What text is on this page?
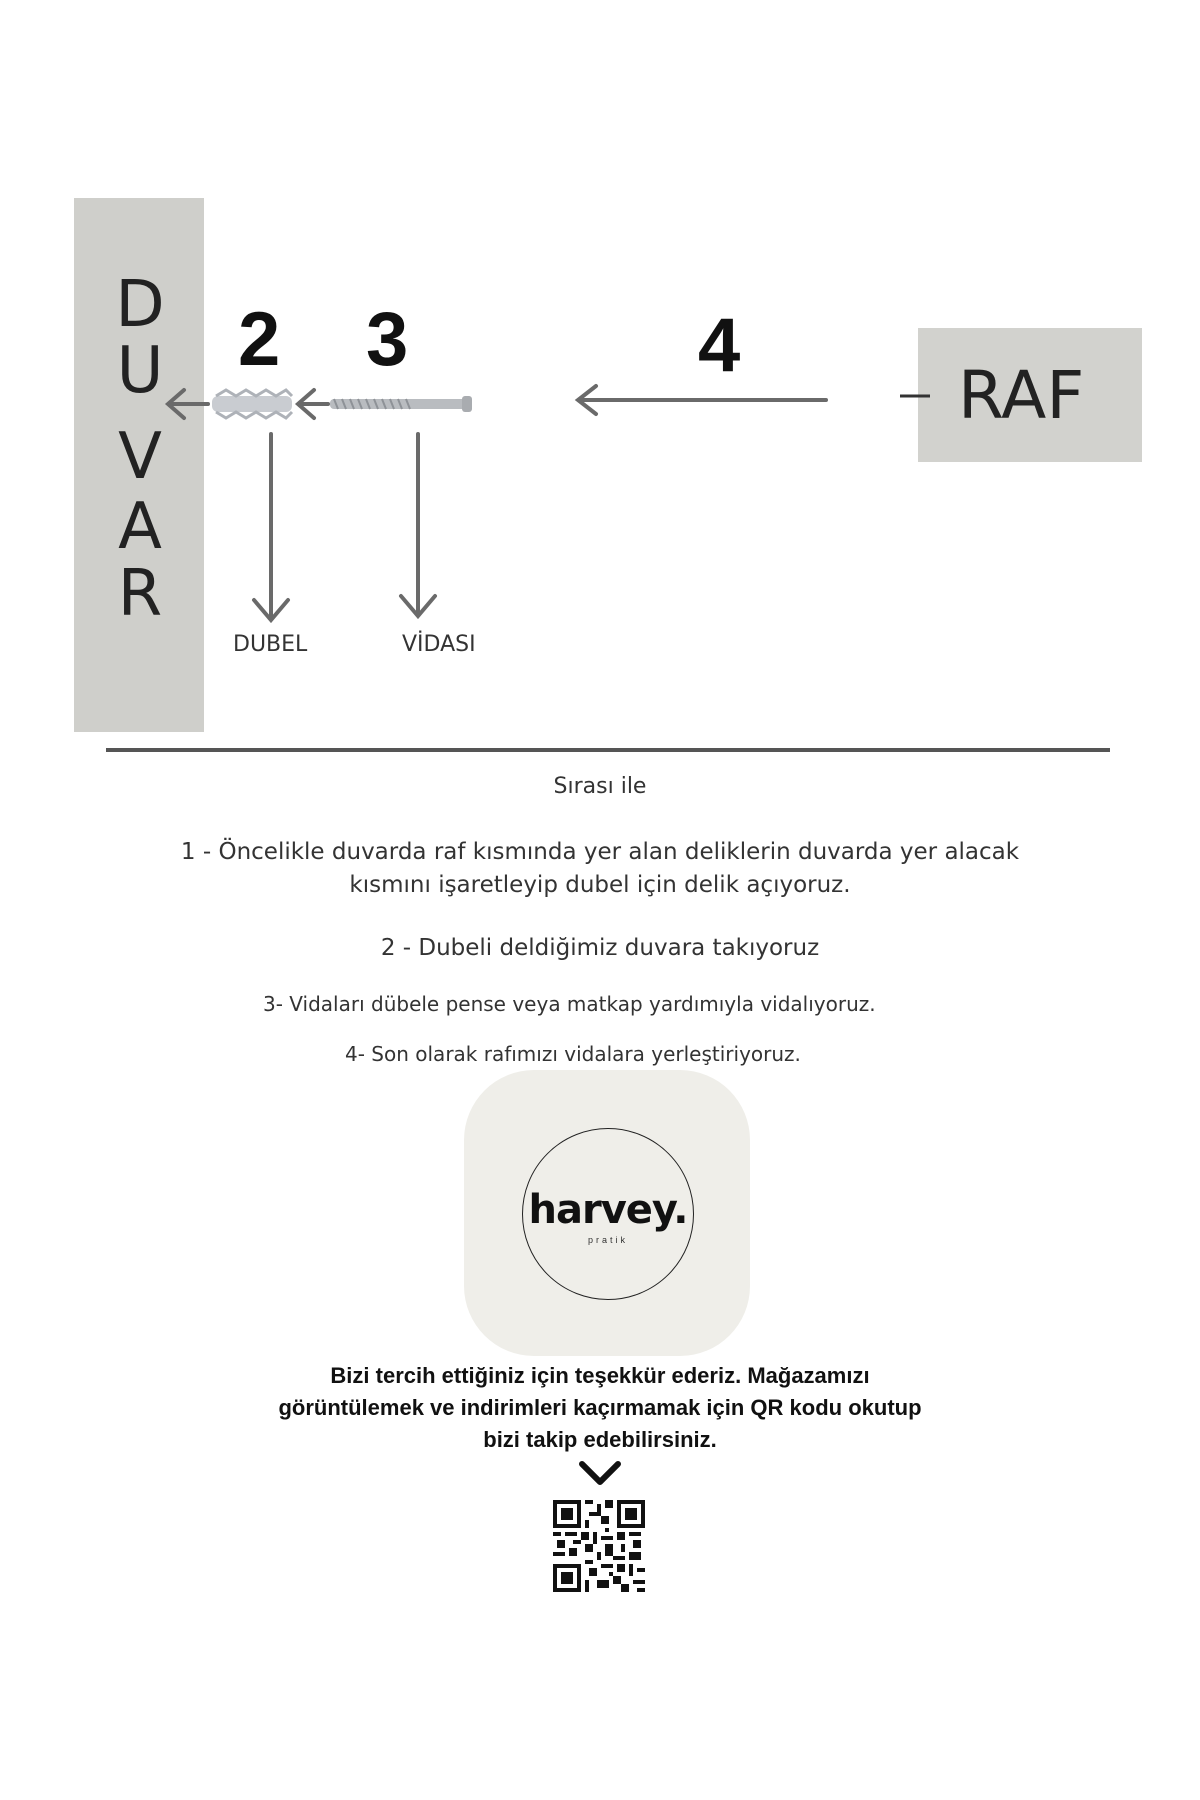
D
U
V
A
R
RAF
2 3	4
DUBEL	VİDASI
Sırası ile
1 - Öncelikle duvarda raf kısmında yer alan deliklerin duvarda yer alacak
kısmını işaretleyip dubel için delik açıyoruz.
2 - Dubeli deldiğimiz duvara takıyoruz
3- Vidaları dübele pense veya matkap yardımıyla vidalıyoruz.
4- Son olarak rafımızı vidalara yerleştiriyoruz.
harvey.
pratik
Bizi tercih ettiğiniz için teşekkür ederiz. Mağazamızı
görüntülemek ve indirimleri kaçırmamak için QR kodu okutup
bizi takip edebilirsiniz.
